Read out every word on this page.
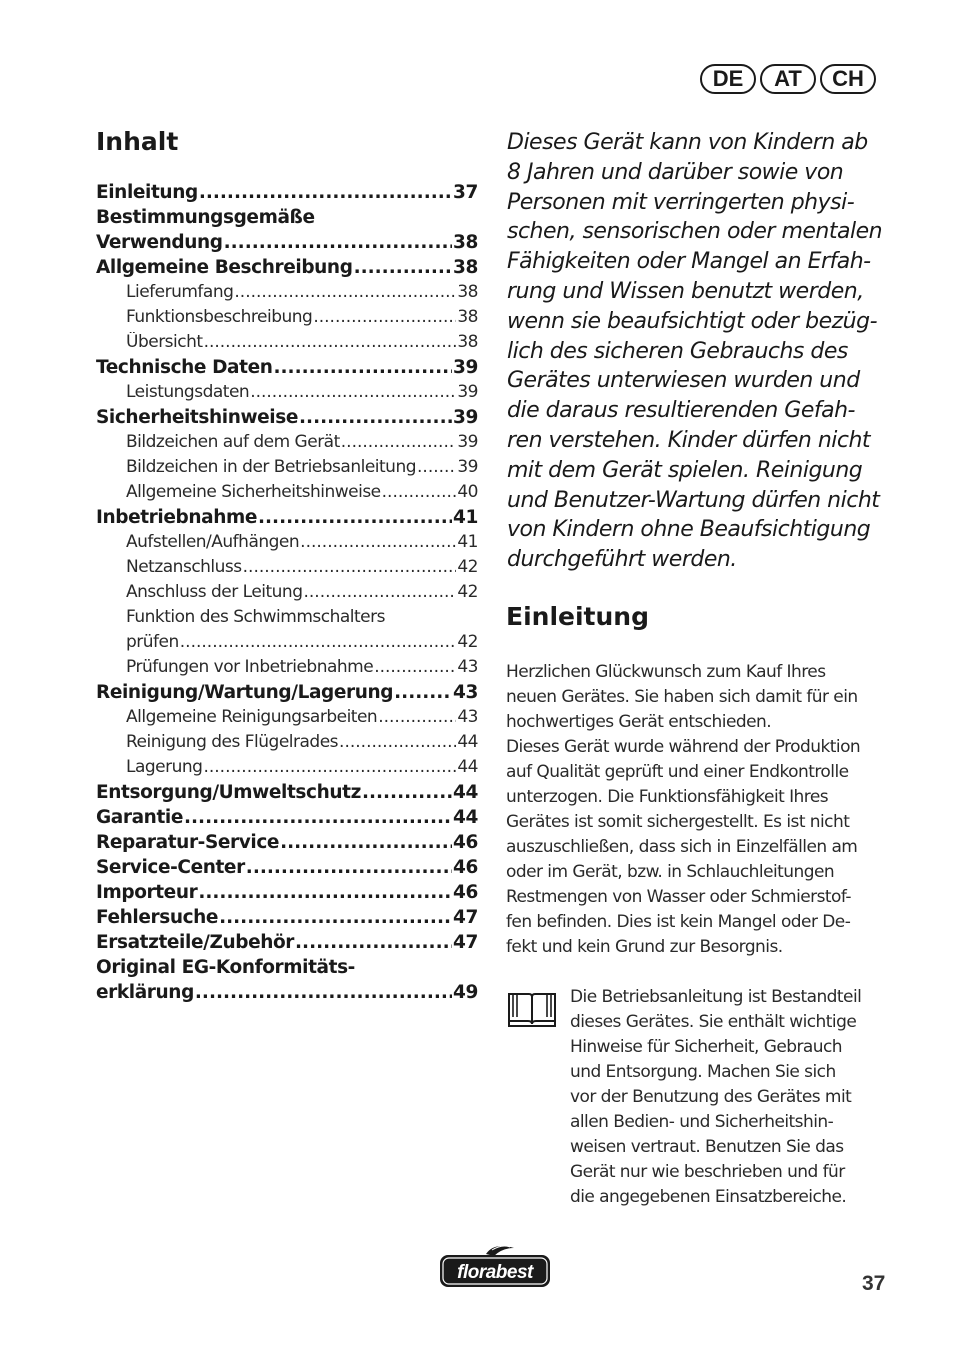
DE	AT	CH
Inhalt
Einleitung .....	37
Bestimmungsgemäße
Verwendung .....	38
Allgemeine Beschreibung .....	38
Lieferumfang .....	38
Funktionsbeschreibung .....	38
Übersicht .....	38
Technische Daten .....	39
Leistungsdaten .....	39
Sicherheitshinweise .....	39
Bildzeichen auf dem Gerät .....	39
Bildzeichen in der Betriebsanleitung ..... 39
Allgemeine Sicherheitshinweise .....	40
Inbetriebnahme .....	41
Aufstellen/Aufhängen .....	41
Netzanschluss .....	42
Anschluss der Leitung .....	42
Funktion des Schwimmschalters
prüfen .....	42
Prüfungen vor Inbetriebnahme .....	43
Reinigung/Wartung/Lagerung .....	43
Allgemeine Reinigungsarbeiten .....	43
Reinigung des Flügelrades .....	44
Lagerung .....	44
Entsorgung/Umweltschutz .....	44
Garantie .....	44
Reparatur-Service .....	46
Service-Center .....	46
Importeur .....	46
Fehlersuche .....	47
Ersatzteile/Zubehör .....	47
Original EG-Konformitäts-
erklärung .....	49
Dieses Gerät kann von Kindern ab
8 Jahren und darüber sowie von
Personen mit verringerten physi-
schen, sensorischen oder mentalen
Fähigkeiten oder Mangel an Erfah-
rung und Wissen benutzt werden,
wenn sie beaufsichtigt oder bezüg-
lich des sicheren Gebrauchs des
Gerätes unterwiesen wurden und
die daraus resultierenden Gefah-
ren verstehen. Kinder dürfen nicht
mit dem Gerät spielen. Reinigung
und Benutzer-Wartung dürfen nicht
von Kindern ohne Beaufsichtigung
durchgeführt werden.
Einleitung
Herzlichen Glückwunsch zum Kauf Ihres
neuen Gerätes. Sie haben sich damit für ein
hochwertiges Gerät entschieden.
Dieses Gerät wurde während der Produktion
auf Qualität geprüft und einer Endkontrolle
unterzogen. Die Funktionsfähigkeit Ihres
Gerätes ist somit sichergestellt. Es ist nicht
auszuschließen, dass sich in Einzelfällen am
oder im Gerät, bzw. in Schlauchleitungen
Restmengen von Wasser oder Schmierstof-
fen befinden. Dies ist kein Mangel oder De-
fekt und kein Grund zur Besorgnis.
Die Betriebsanleitung ist Bestandteil
dieses Gerätes. Sie enthält wichtige
Hinweise für Sicherheit, Gebrauch
und Entsorgung. Machen Sie sich
vor der Benutzung des Gerätes mit
allen Bedien- und Sicherheitshin-
weisen vertraut. Benutzen Sie das
Gerät nur wie beschrieben und für
die angegebenen Einsatzbereiche.
florabest	37
